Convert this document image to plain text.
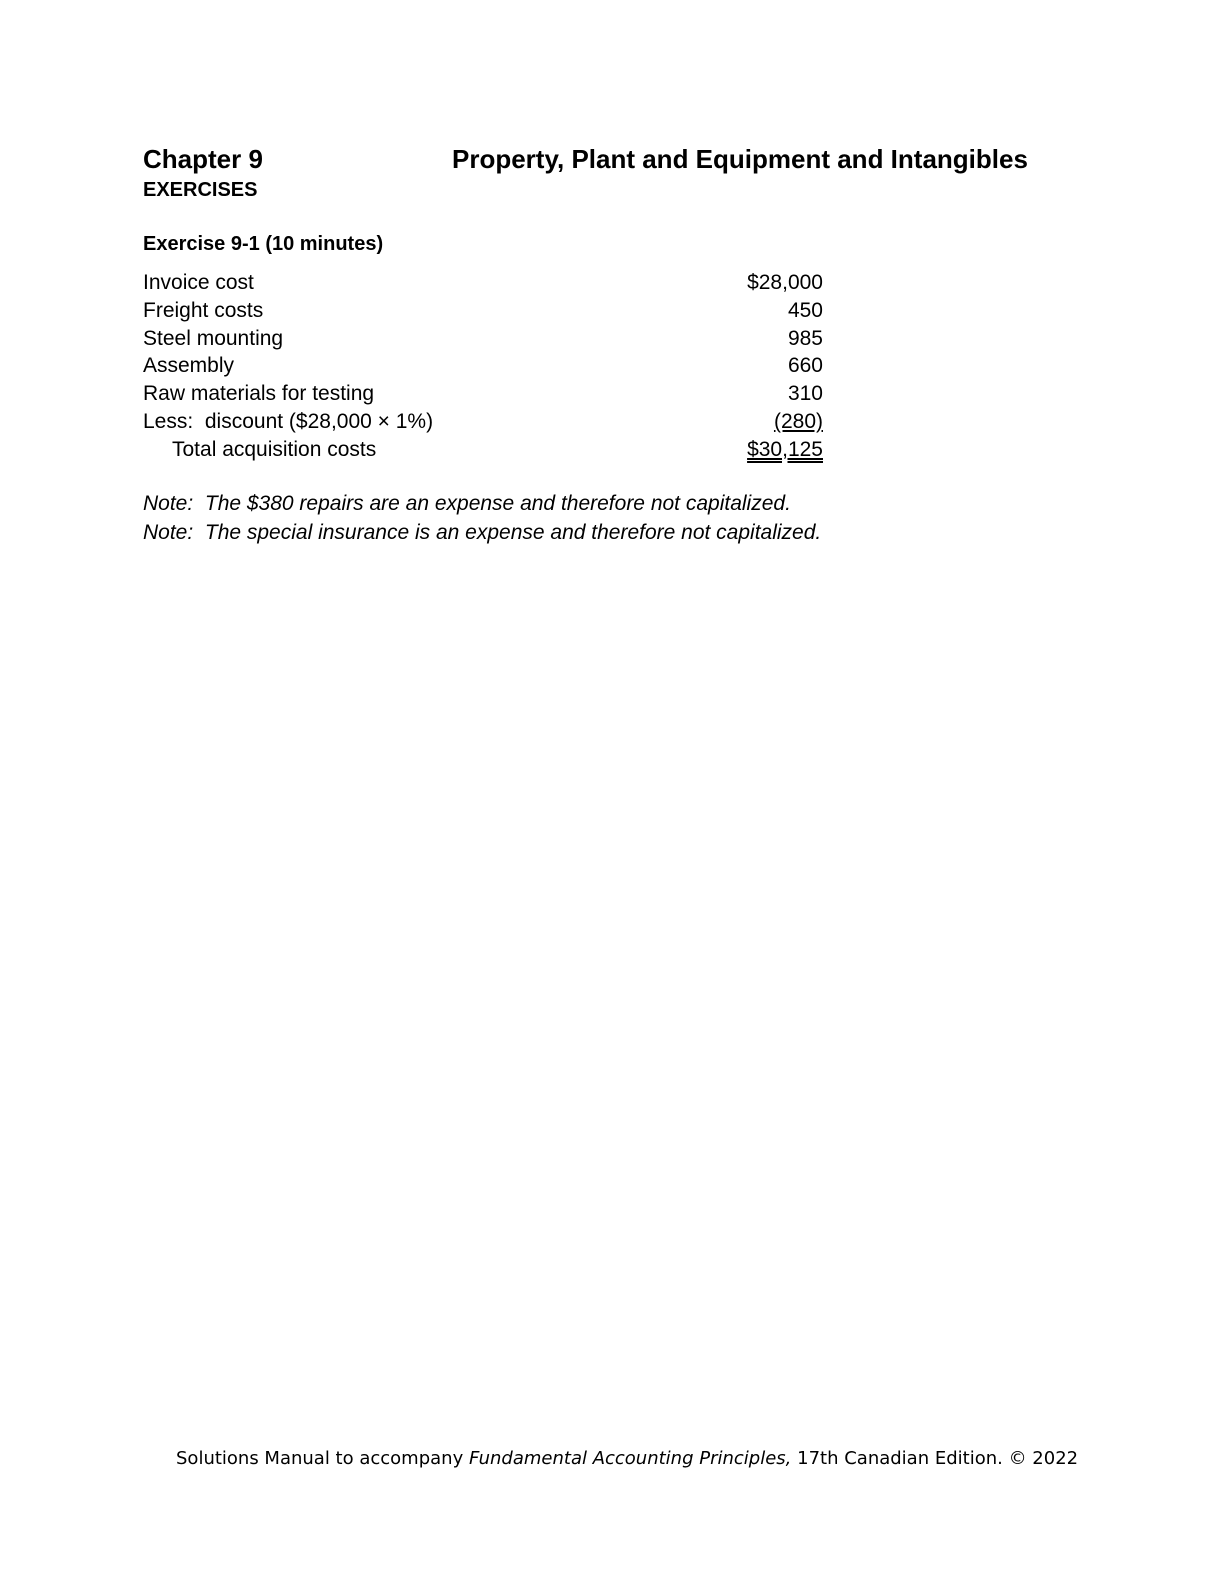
Chapter 9	Property, Plant and Equipment and Intangibles
EXERCISES
Exercise 9-1 (10 minutes)
Invoice cost	$28,000
Freight costs	450
Steel mounting	985
Assembly	660
Raw materials for testing	310
Less:  discount ($28,000 × 1%)	(280)
Total acquisition costs	$30,125
Note:  The $380 repairs are an expense and therefore not capitalized.
Note:  The special insurance is an expense and therefore not capitalized.
Solutions Manual to accompany Fundamental Accounting Principles, 17th Canadian Edition. © 2022
